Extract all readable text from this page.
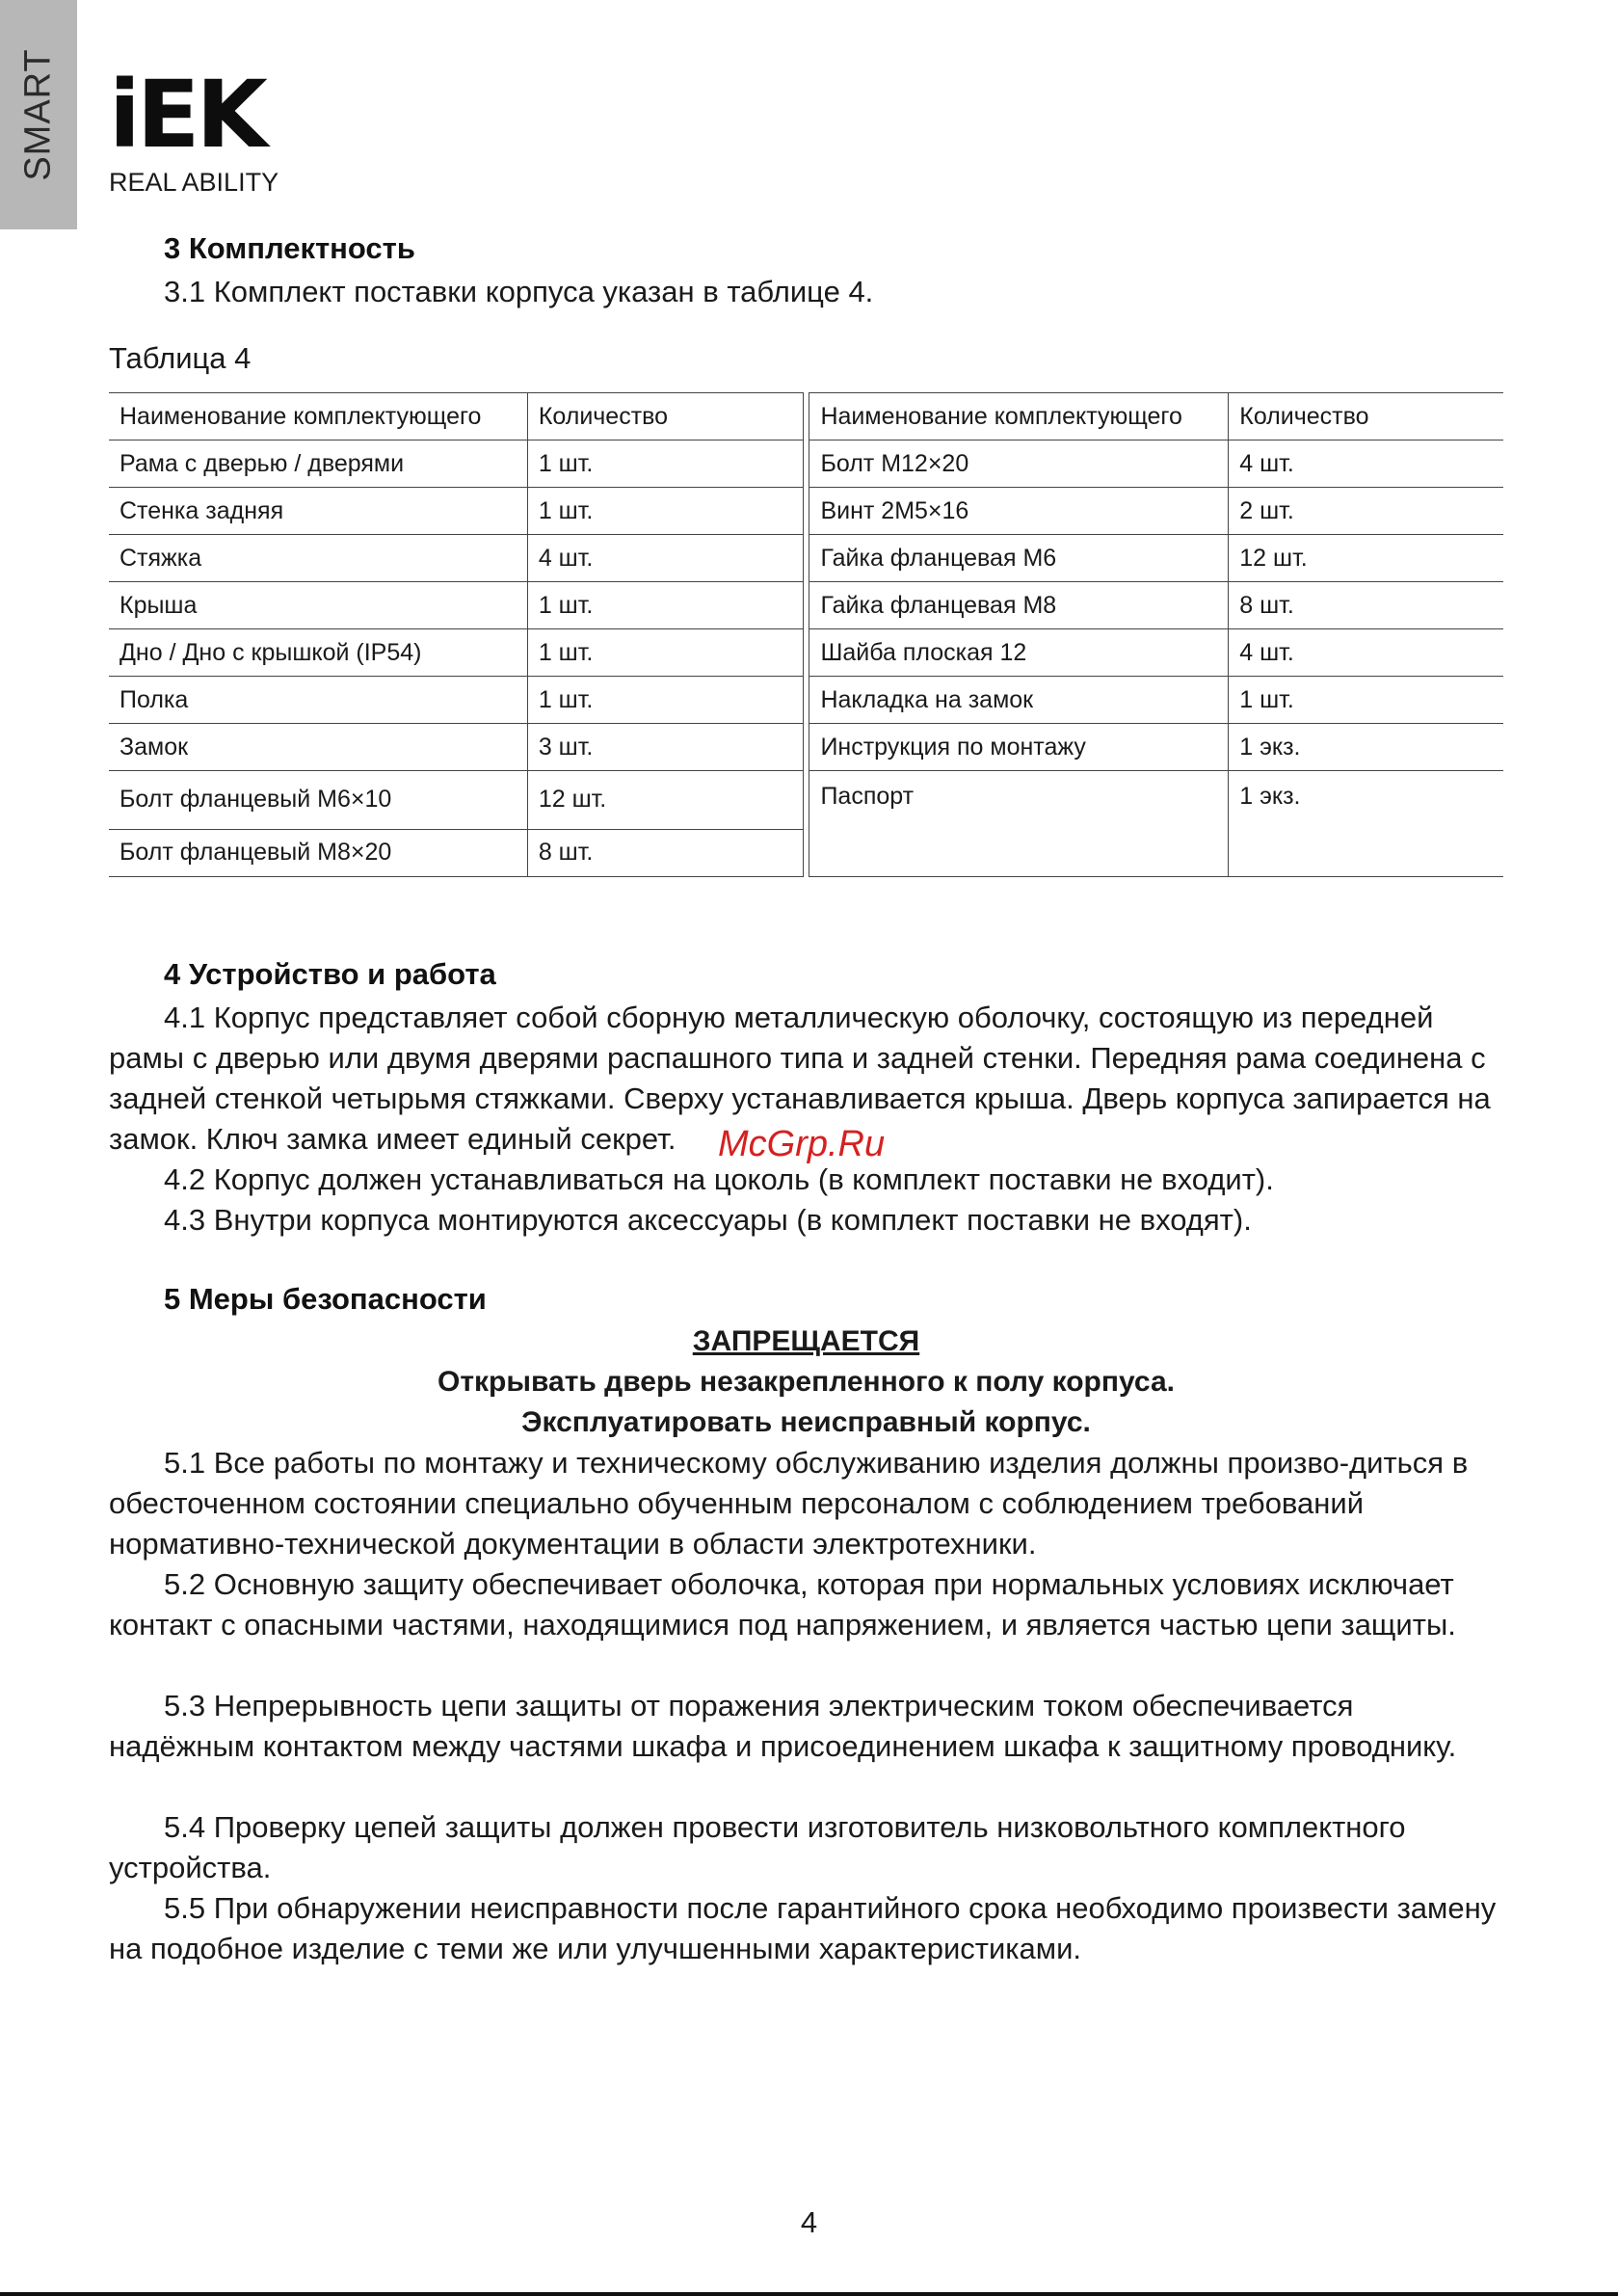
SMART iEK
REAL ABILITY
3 Комплектность

3.1 Комплект поставки корпуса указан в таблице 4.

Таблица 4
Наименование комплектующего	Количество		Наименование комплектующего	Количество
Рама с дверью / дверями	1 шт.		Болт М12×20	4 шт.
Стенка задняя	1 шт.		Винт 2М5×16	2 шт.
Стяжка	4 шт.		Гайка фланцевая М6	12 шт.
Крыша	1 шт.		Гайка фланцевая М8	8 шт.
Дно / Дно с крышкой (IP54)	1 шт.		Шайба плоская 12	4 шт.
Полка	1 шт.		Накладка на замок	1 шт.
Замок	3 шт.		Инструкция по монтажу	1 экз.
Болт фланцевый М6×10	12 шт.		Паспорт	1 экз.
Болт фланцевый М8×20	8 шт.			
4 Устройство и работа

4.1 Корпус представляет собой сборную металлическую оболочку, состоящую из передней рамы с дверью или двумя дверями распашного типа и задней стенки. Передняя рама соединена с задней стенкой четырьмя стяжками. Сверху устанавливается крыша. Дверь корпуса запирается на замок. Ключ замка имеет единый секрет.

4.2 Корпус должен устанавливаться на цоколь (в комплект поставки не входит).

4.3 Внутри корпуса монтируются аксессуары (в комплект поставки не входят).

McGrp.Ru
5 Меры безопасности
ЗАПРЕЩАЕТСЯ
Открывать дверь незакрепленного к полу корпуса.
Эксплуатировать неисправный корпус.

5.1 Все работы по монтажу и техническому обслуживанию изделия должны произво-диться в обесточенном состоянии специально обученным персоналом с соблюдением требований нормативно-технической документации в области электротехники.

5.2 Основную защиту обеспечивает оболочка, которая при нормальных условиях исключает контакт с опасными частями, находящимися под напряжением, и является частью цепи защиты.

5.3 Непрерывность цепи защиты от поражения электрическим током обеспечивается надёжным контактом между частями шкафа и присоединением шкафа к защитному проводнику.

5.4 Проверку цепей защиты должен провести изготовитель низковольтного комплектного устройства.

5.5 При обнаружении неисправности после гарантийного срока необходимо произвести замену на подобное изделие с теми же или улучшенными характеристиками.

4
